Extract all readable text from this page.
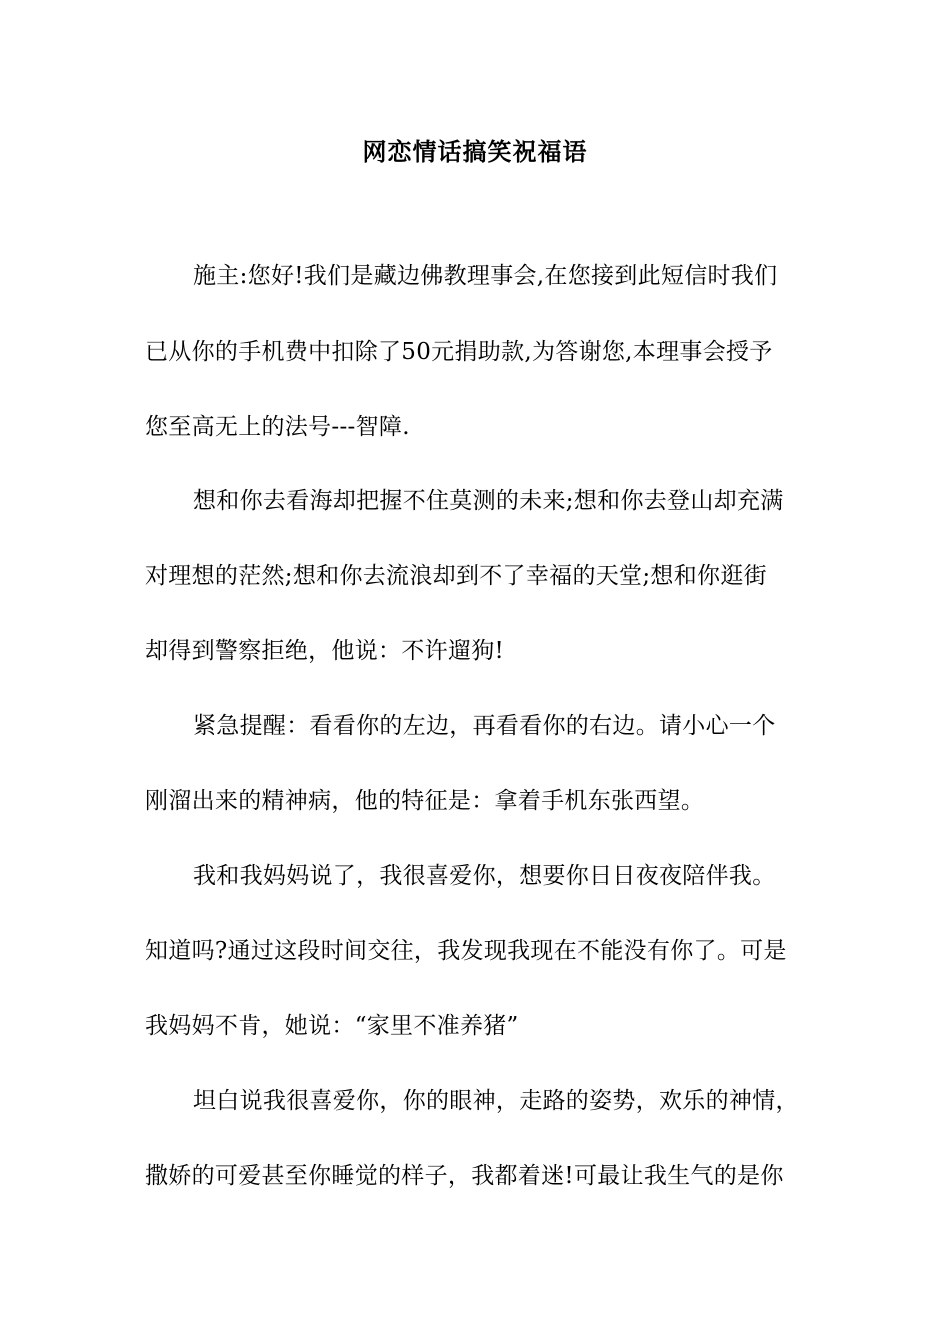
网恋情话搞笑祝福语
施主:您好!我们是藏边佛教理事会,在您接到此短信时我们
已从你的手机费中扣除了50元捐助款,为答谢您,本理事会授予
您至高无上的法号---智障.
想和你去看海却把握不住莫测的未来;想和你去登山却充满
对理想的茫然;想和你去流浪却到不了幸福的天堂;想和你逛街
却得到警察拒绝，他说：不许遛狗!
紧急提醒：看看你的左边，再看看你的右边。请小心一个
刚溜出来的精神病，他的特征是：拿着手机东张西望。
我和我妈妈说了，我很喜爱你，想要你日日夜夜陪伴我。
知道吗?通过这段时间交往，我发现我现在不能没有你了。可是
我妈妈不肯，她说：“家里不准养猪”
坦白说我很喜爱你，你的眼神，走路的姿势，欢乐的神情，
撒娇的可爱甚至你睡觉的样子，我都着迷!可最让我生气的是你
